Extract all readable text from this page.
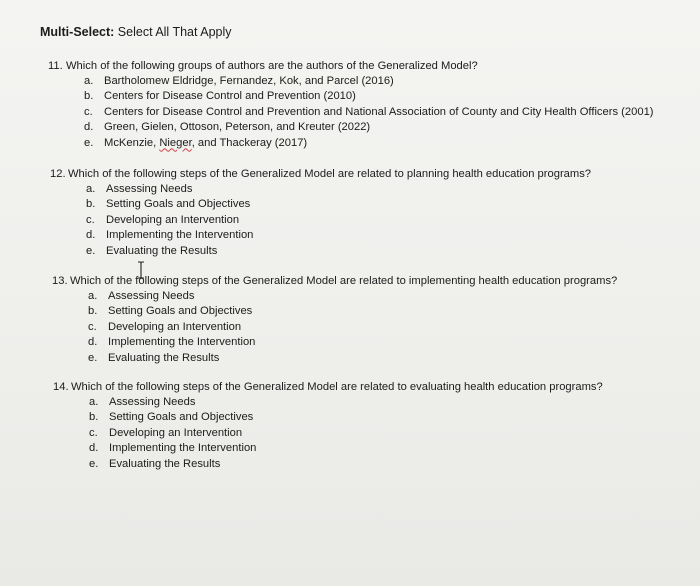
Multi-Select: Select All That Apply
11. Which of the following groups of authors are the authors of the Generalized Model?
a. Bartholomew Eldridge, Fernandez, Kok, and Parcel (2016)
b. Centers for Disease Control and Prevention (2010)
c. Centers for Disease Control and Prevention and National Association of County and City Health Officers (2001)
d. Green, Gielen, Ottoson, Peterson, and Kreuter (2022)
e. McKenzie, Nieger, and Thackeray (2017)
12. Which of the following steps of the Generalized Model are related to planning health education programs?
a. Assessing Needs
b. Setting Goals and Objectives
c. Developing an Intervention
d. Implementing the Intervention
e. Evaluating the Results
13. Which of the following steps of the Generalized Model are related to implementing health education programs?
a. Assessing Needs
b. Setting Goals and Objectives
c. Developing an Intervention
d. Implementing the Intervention
e. Evaluating the Results
14. Which of the following steps of the Generalized Model are related to evaluating health education programs?
a. Assessing Needs
b. Setting Goals and Objectives
c. Developing an Intervention
d. Implementing the Intervention
e. Evaluating the Results
